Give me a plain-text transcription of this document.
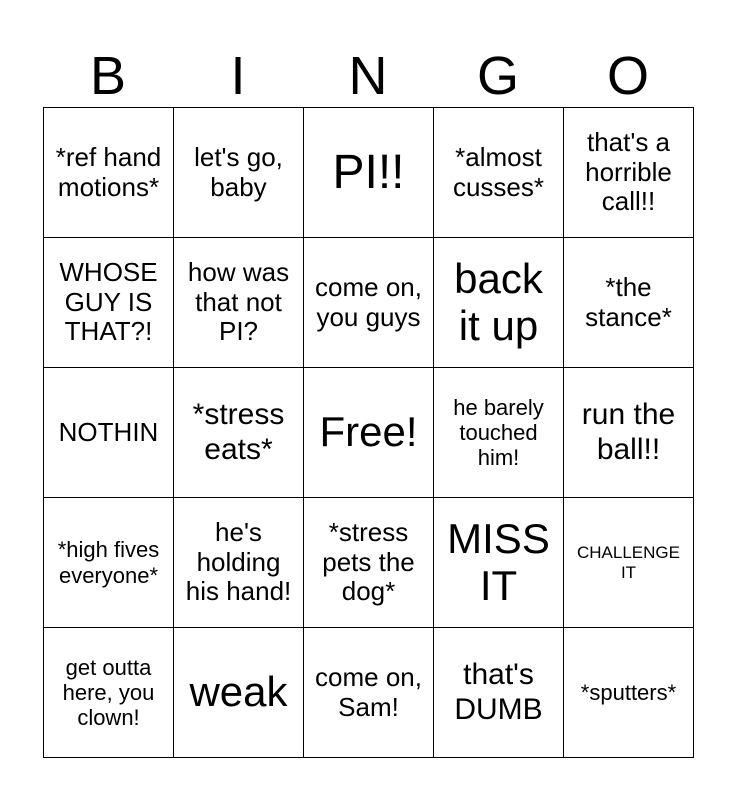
B	I	N	G	O
*ref hand motions*	let's go, baby	PI!!	*almost cusses*	that's a horrible call!!
WHOSE GUY IS THAT?!	how was that not PI?	come on, you guys	back it up	*the stance*
NOTHIN	*stress eats*	Free!	he barely touched him!	run the ball!!
*high fives everyone*	he's holding his hand!	*stress pets the dog*	MISS IT	CHALLENGE IT
get outta here, you clown!	weak	come on, Sam!	that's DUMB	*sputters*
